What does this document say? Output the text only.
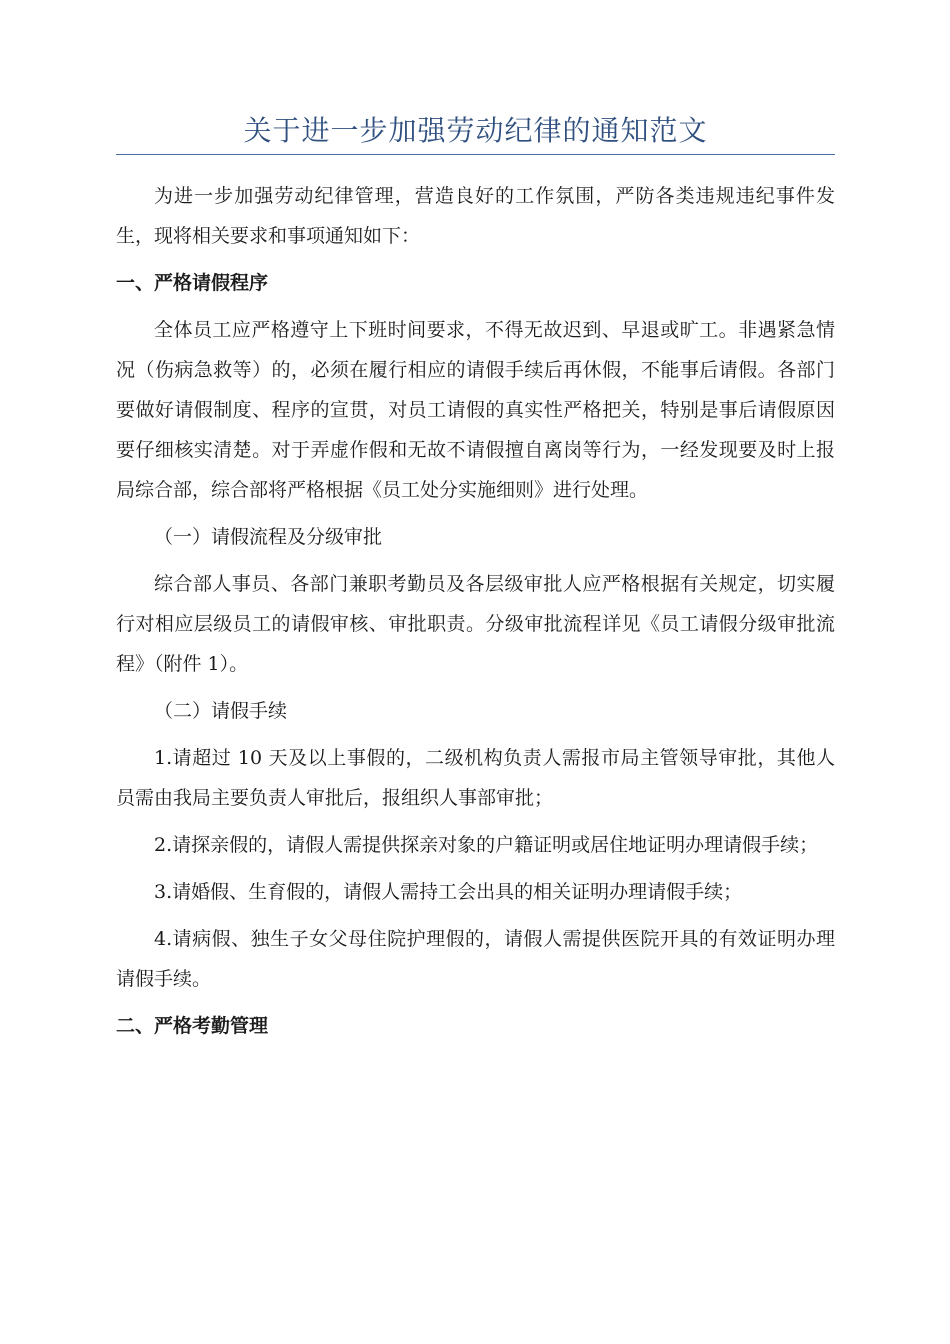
关于进一步加强劳动纪律的通知范文

为进一步加强劳动纪律管理，营造良好的工作氛围，严防各类违规违纪事件发生，现将相关要求和事项通知如下：

一、严格请假程序

全体员工应严格遵守上下班时间要求，不得无故迟到、早退或旷工。非遇紧急情况（伤病急救等）的，必须在履行相应的请假手续后再休假，不能事后请假。各部门要做好请假制度、程序的宣贯，对员工请假的真实性严格把关，特别是事后请假原因要仔细核实清楚。对于弄虚作假和无故不请假擅自离岗等行为，一经发现要及时上报局综合部，综合部将严格根据《员工处分实施细则》进行处理。

（一）请假流程及分级审批

综合部人事员、各部门兼职考勤员及各层级审批人应严格根据有关规定，切实履行对相应层级员工的请假审核、审批职责。分级审批流程详见《员工请假分级审批流程》（附件 1）。

（二）请假手续

1.请超过 10 天及以上事假的，二级机构负责人需报市局主管领导审批，其他人员需由我局主要负责人审批后，报组织人事部审批；

2.请探亲假的，请假人需提供探亲对象的户籍证明或居住地证明办理请假手续；

3.请婚假、生育假的，请假人需持工会出具的相关证明办理请假手续；

4.请病假、独生子女父母住院护理假的，请假人需提供医院开具的有效证明办理请假手续。

二、严格考勤管理
